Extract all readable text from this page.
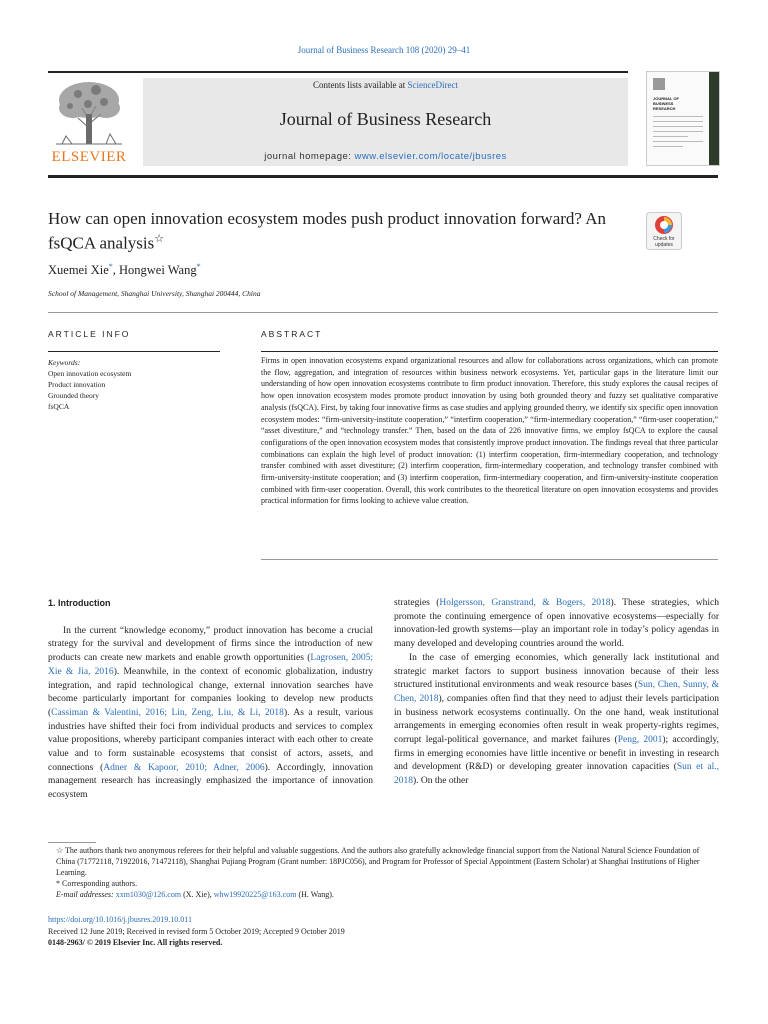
Journal of Business Research 108 (2020) 29–41
ELSEVIER
Contents lists available at ScienceDirect
Journal of Business Research
journal homepage: www.elsevier.com/locate/jbusres
JOURNAL OF BUSINESS RESEARCH
How can open innovation ecosystem modes push product innovation forward? An fsQCA analysis☆	Check for updates
Xuemei Xie*, Hongwei Wang*
School of Management, Shanghai University, Shanghai 200444, China
ARTICLE INFO	ABSTRACT
Keywords:
Open innovation ecosystem
Product innovation
Grounded theory
fsQCA
Firms in open innovation ecosystems expand organizational resources and allow for collaborations across organizations, which can promote the flow, aggregation, and integration of resources within business network ecosystems. Yet, particular gaps in the literature limit our understanding of how open innovation ecosystems contribute to firm product innovation. Therefore, this study explores the causal recipes of how open innovation ecosystem modes promote product innovation by using both grounded theory and fuzzy set qualitative comparative analysis (fsQCA). First, by taking four innovative firms as case studies and applying grounded theory, we identify six specific open innovation ecosystem modes: “firm-university-institute cooperation,” “interfirm cooperation,” “firm-intermediary cooperation,” “firm-user cooperation,” “asset divestiture,” and “technology transfer.” Then, based on the data of 226 innovative firms, we employ fsQCA to explore the causal configurations of the open innovation ecosystem modes that consistently improve product innovation. The findings reveal that three particular combinations can explain the high level of product innovation: (1) interfirm cooperation, firm-intermediary cooperation, and technology transfer combined with asset divestiture; (2) interfirm cooperation, firm-intermediary cooperation, and technology transfer combined with firm-university-institute cooperation; and (3) interfirm cooperation, firm-intermediary cooperation, and firm-university-institute cooperation combined with firm-user cooperation. Overall, this work contributes to the theoretical literature on open innovation ecosystems and provides practical information for firms looking to achieve value creation.
1. Introduction

In the current “knowledge economy,” product innovation has become a crucial strategy for the survival and development of firms since the introduction of new products can create new markets and enable growth opportunities (Lagrosen, 2005; Xie & Jia, 2016). Meanwhile, in the context of economic globalization, industry integration, and rapid technological change, external innovation searches have become particularly important for companies looking to develop new products (Cassiman & Valentini, 2016; Lin, Zeng, Liu, & Li, 2018). As a result, various industries have shifted their foci from individual products and services to complex value propositions, whereby participant companies interact with each other to create value and to form sustainable ecosystems that consist of actors, assets, and connections (Adner & Kapoor, 2010; Adner, 2006). Accordingly, innovation management research has increasingly emphasized the importance of innovation ecosystem

strategies (Holgersson, Granstrand, & Bogers, 2018). These strategies, which promote the continuing emergence of open innovative ecosystems—especially for innovation-led growth systems—play an important role in today’s policy agendas in many developed and developing countries around the world.

In the case of emerging economies, which generally lack institutional and strategic market factors to support business innovation because of their less structured institutional environments and weak resource bases (Sun, Chen, Sunny, & Chen, 2018), companies often find that they need to adjust their levels participation in business network ecosystems continually. On the one hand, weak institutional arrangements in emerging economies often result in weak property-rights regimes, corrupt legal-political governance, and market failures (Peng, 2001); accordingly, firms in emerging economies have little incentive or benefit in investing in research and development (R&D) or developing greater innovation capacities (Sun et al., 2018). On the other

☆ The authors thank two anonymous referees for their helpful and valuable suggestions. And the authors also gratefully acknowledge financial support from the National Natural Science Foundation of China (71772118, 71922016, 71472118), Shanghai Pujiang Program (Grant number: 18PJC056), and Program for Professor of Special Appointment (Eastern Scholar) at Shanghai Institutions of Higher Learning.

* Corresponding authors.

E-mail addresses: xxm1030@126.com (X. Xie), whw19920225@163.com (H. Wang).

https://doi.org/10.1016/j.jbusres.2019.10.011

Received 12 June 2019; Received in revised form 5 October 2019; Accepted 9 October 2019

0148-2963/ © 2019 Elsevier Inc. All rights reserved.
